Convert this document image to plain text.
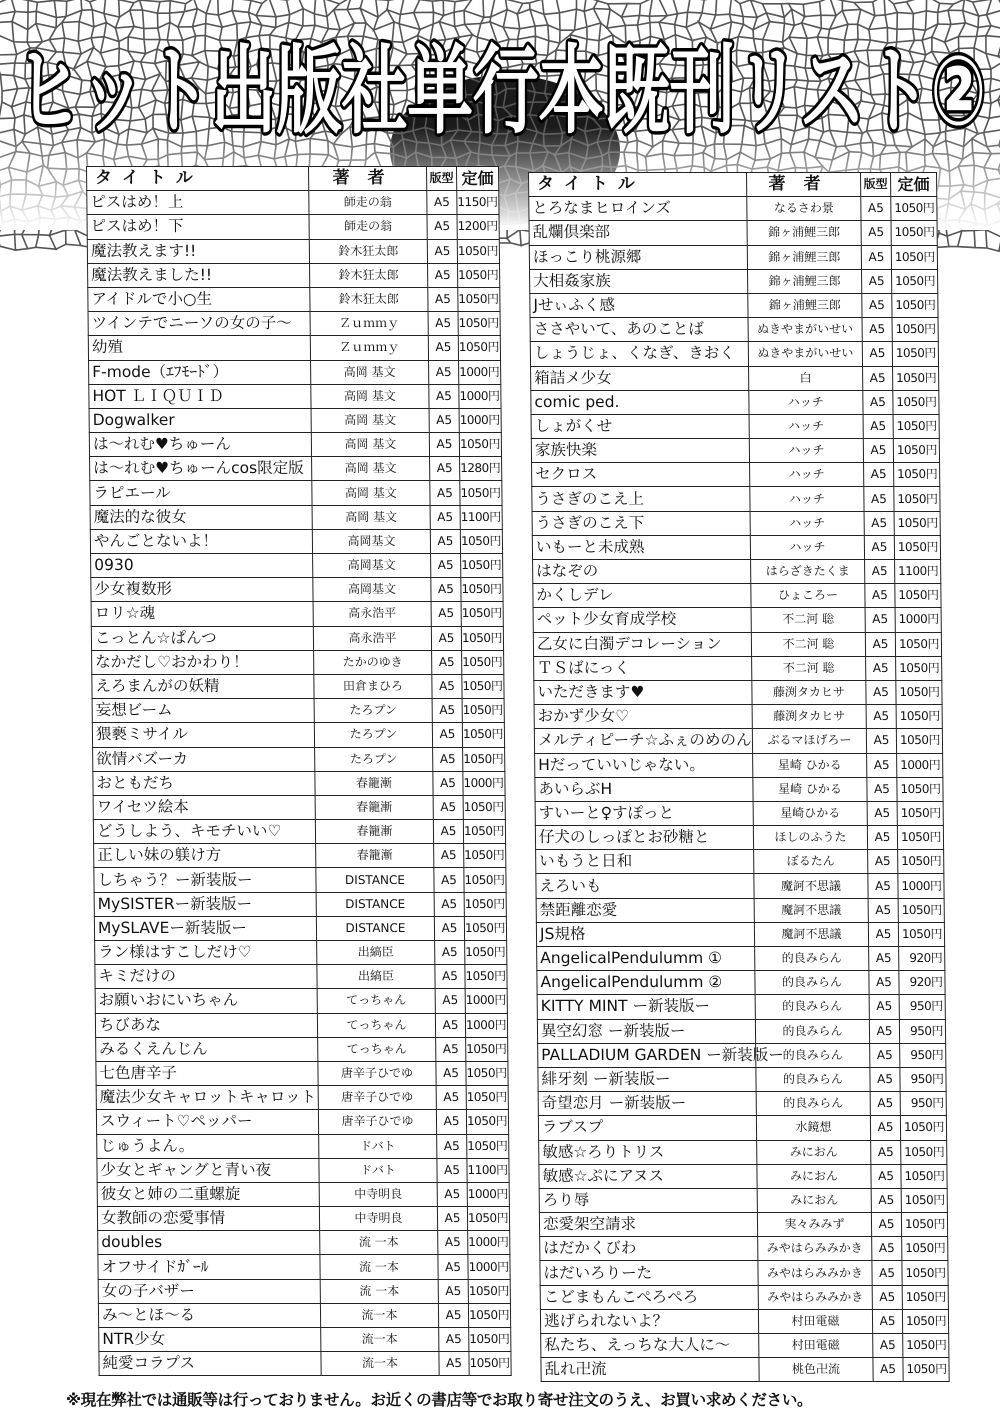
ヒット出版社単行本既刊リスト②
タイトル	著者	版型	定価
ピスはめ！上	師走の翁	A5	1150円
ピスはめ！下	師走の翁	A5	1200円
魔法教えます!!	鈴木狂太郎	A5	1050円
魔法教えました!!	鈴木狂太郎	A5	1050円
アイドルで小○生	鈴木狂太郎	A5	1050円
ツインテでニーソの女の子～	Ｚｕｍｍｙ	A5	1050円
幼殖	Ｚｕｍｍｙ	A5	1050円
F-mode（ｴﾌﾓｰﾄﾞ）	高岡 基文	A5	1000円
HOT ＬＩＱＵＩＤ	高岡 基文	A5	1000円
Dogwalker	高岡 基文	A5	1000円
は～れむ♥ちゅーん	高岡 基文	A5	1050円
は～れむ♥ちゅーんcos限定版	高岡 基文	A5	1280円
ラピエール	高岡 基文	A5	1050円
魔法的な彼女	高岡 基文	A5	1100円
やんごとないよ！	高岡基文	A5	1050円
0930	高岡基文	A5	1050円
少女複数形	高岡基文	A5	1050円
ロリ☆魂	高永浩平	A5	1050円
こっとん☆ぱんつ	高永浩平	A5	1050円
なかだし♡おかわり！	たかのゆき	A5	1050円
えろまんがの妖精	田倉まひろ	A5	1050円
妄想ビーム	たろプン	A5	1050円
猥褻ミサイル	たろプン	A5	1050円
欲情バズーカ	たろプン	A5	1050円
おともだち	春籠漸	A5	1000円
ワイセツ絵本	春籠漸	A5	1050円
どうしよう、キモチいい♡	春籠漸	A5	1050円
正しい妹の躾け方	春籠漸	A5	1050円
しちゃう？ー新装版ー	DISTANCE	A5	1050円
MySISTERー新装版ー	DISTANCE	A5	1050円
MySLAVEー新装版ー	DISTANCE	A5	1050円
ラン様はすこしだけ♡	出縞臣	A5	1050円
キミだけの	出縞臣	A5	1050円
お願いおにいちゃん	てっちゃん	A5	1000円
ちびあな	てっちゃん	A5	1000円
みるくえんじん	てっちゃん	A5	1050円
七色唐辛子	唐辛子ひでゆ	A5	1050円
魔法少女キャロットキャロット	唐辛子ひでゆ	A5	1050円
スウィート♡ペッパー	唐辛子ひでゆ	A5	1050円
じゅうよん。	ドバト	A5	1050円
少女とギャングと青い夜	ドバト	A5	1100円
彼女と姉の二重螺旋	中寺明良	A5	1000円
女教師の恋愛事情	中寺明良	A5	1050円
doubles	流 一本	A5	1000円
オフサイドｶﾞｰﾙ	流 一本	A5	1000円
女の子バザー	流 一本	A5	1050円
み～とほ～る	流一本	A5	1050円
NTR少女	流一本	A5	1050円
純愛コラプス	流一本	A5	1050円
タイトル	著者	版型	定価
とろなまヒロインズ	なるさわ景	A5	1050円
乱爛倶楽部	錦ヶ浦鯉三郎	A5	1050円
ほっこり桃源郷	錦ヶ浦鯉三郎	A5	1050円
大相姦家族	錦ヶ浦鯉三郎	A5	1050円
Jせぃふく感	錦ヶ浦鯉三郎	A5	1050円
ささやいて、あのことば	ぬきやまがいせい	A5	1050円
しょうじょ、くなぎ、きおく	ぬきやまがいせい	A5	1050円
箱詰メ少女	白	A5	1050円
comic ped.	ハッチ	A5	1050円
しょがくせ	ハッチ	A5	1050円
家族快楽	ハッチ	A5	1050円
セクロス	ハッチ	A5	1050円
うさぎのこえ上	ハッチ	A5	1050円
うさぎのこえ下	ハッチ	A5	1050円
いもーと未成熟	ハッチ	A5	1050円
はなぞの	はらざきたくま	A5	1100円
かくしデレ	ひょころー	A5	1050円
ペット少女育成学校	不二河 聡	A5	1000円
乙女に白濁デコレーション	不二河 聡	A5	1050円
ＴＳばにっく	不二河 聡	A5	1050円
いただきます♥	藤渕タカヒサ	A5	1050円
おかず少女♡	藤渕タカヒサ	A5	1050円
メルティピーチ☆ふぇのめのん	ぶるマほげろー	A5	1050円
Hだっていいじゃない。	星崎 ひかる	A5	1000円
あいらぶH	星崎 ひかる	A5	1050円
すいーと♀すぽっと	星崎ひかる	A5	1050円
仔犬のしっぽとお砂糖と	ほしのふうた	A5	1050円
いもうと日和	ぼるたん	A5	1050円
えろいも	魔訶不思議	A5	1000円
禁距離恋愛	魔訶不思議	A5	1050円
JS規格	魔訶不思議	A5	1050円
AngelicalPendulumm ①	的良みらん	A5	920円
AngelicalPendulumm ②	的良みらん	A5	920円
KITTY MINT ー新装版ー	的良みらん	A5	950円
異空幻窓 ー新装版ー	的良みらん	A5	950円
PALLADIUM GARDEN ー新装版ー	的良みらん	A5	950円
緋牙刻 ー新装版ー	的良みらん	A5	950円
奇望恋月 ー新装版ー	的良みらん	A5	950円
ラブスプ	水鏡想	A5	1050円
敏感☆ろりトリス	みにおん	A5	1050円
敏感☆ぷにアヌス	みにおん	A5	1050円
ろり辱	みにおん	A5	1050円
恋愛架空請求	実々みみず	A5	1050円
はだかくびわ	みやはらみみかき	A5	1050円
はだいろりーた	みやはらみみかき	A5	1050円
こどまもんこぺろぺろ	みやはらみみかき	A5	1050円
逃げられないよ？	村田電磁	A5	1050円
私たち、えっちな大人に～	村田電磁	A5	1050円
乱れ卍流	桃色卍流	A5	1050円
※現在弊社では通販等は行っておりません。お近くの書店等でお取り寄せ注文のうえ、お買い求めください。
